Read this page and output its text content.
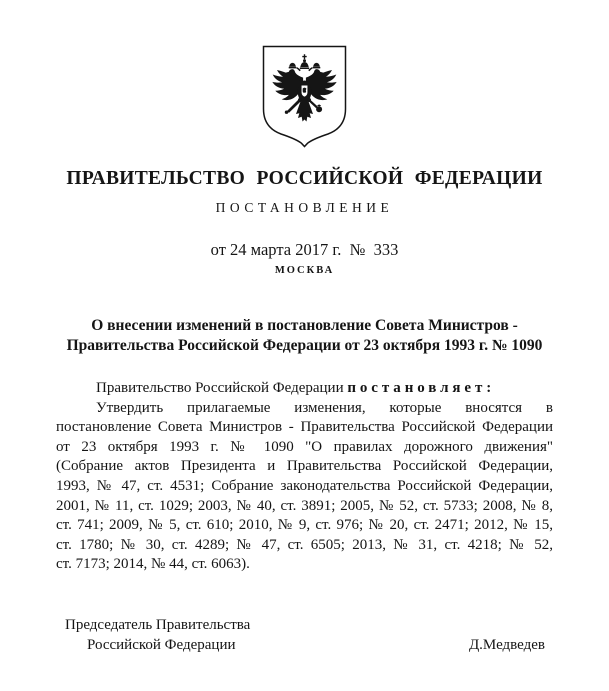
ПРАВИТЕЛЬСТВО РОССИЙСКОЙ ФЕДЕРАЦИИ
ПОСТАНОВЛЕНИЕ
от 24 марта 2017 г.  №  333
МОСКВА
О внесении изменений в постановление Совета Министров -
Правительства Российской Федерации от 23 октября 1993 г. № 1090
Правительство Российской Федерации постановляет:
Утвердить прилагаемые изменения, которые вносятся в
постановление Совета Министров - Правительства Российской Федерации
от 23 октября 1993 г. № 1090 "О правилах дорожного движения"
(Собрание актов Президента и Правительства Российской Федерации,
1993, № 47, ст. 4531; Собрание законодательства Российской Федерации,
2001, № 11, ст. 1029; 2003, № 40, ст. 3891; 2005, № 52, ст. 5733; 2008, № 8,
ст. 741; 2009, № 5, ст. 610; 2010, № 9, ст. 976; № 20, ст. 2471; 2012, № 15,
ст. 1780; № 30, ст. 4289; № 47, ст. 6505; 2013, № 31, ст. 4218; № 52,
ст. 7173; 2014, № 44, ст. 6063).
Председатель Правительства
Российской Федерации	Д.Медведев
